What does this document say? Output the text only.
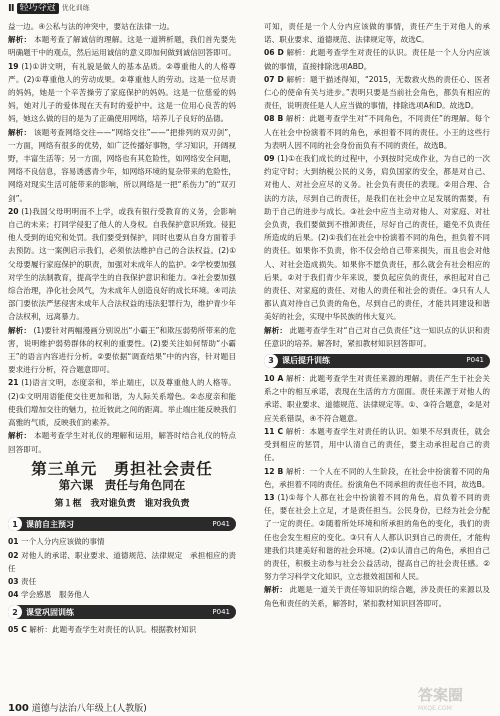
Ⅱ 轻巧夺冠 优化训练

益一边。④公私与法的冲突中，要站在法律一边。

解析： 本题考查了解诚信的理解。这是一道辨析题，我们首先要先明确题干中的观点，然后运用诚信的意义即加何做到诚信回答即可。

19 (1)①讲文明，有礼貌是做人的基本品质。②尊重他人的人格尊严。(2)①尊重他人的劳动成果。②尊重他人的劳动。这是一位尽责的妈妈，她是一个辛苦操劳了家庭保护的妈妈。这是一位慈爱的妈妈，她对儿子的爱体现在天有时的爱护中。这是一位用心良苦的妈妈，她这么做的目的是为了正确使用网络，培养儿子良好的品德。

解析： 该题考查网络交往——“网络交往”——“把排列的双刃剑”，一方面，网络有很多的优势，如广泛传播好事物，学习知识，开阔视野，丰富生活等；另一方面，网络也有其危险性，如网络安全问题，网络不良信息，容易诱惑青少年，如网络环境的复杂带来的危险性，网络对现实生活可能带来的影响，所以网络是一把“系伤力”的“双刃剑”。

20 (1)我国父母明明而不上学，或我有银行受教育的义务，会影响自己的未来；打同学侵犯了他人的人身权。自我保护意识所致。侵犯他人受到的追究和处罚。我们要受到保护，同时也要从自身方面着手去预防。这一案例启示我们，必须依法维护自己的合法权益。(2)①父母要履行家庭保护的职责，加强对未成年人的监护。②学校要加强对学生的法制教育，提高学生的自我保护意识和能力。③社会要加强综合治理，净化社会风气，为未成年人创造良好的成长环境。④司法部门要依法严惩侵害未成年人合法权益的违法犯罪行为，维护青少年合法权利，远离暴力。

解析： (1)要针对两幅漫画分别说出“小霸王”和欺压弱势所带来的危害，说明维护弱势群体的权利的重要性。(2)要关注如何帮助“小霸王”的语言内容进行分析。②要依据“调查结果”中的内容，针对题目要求进行分析，符合题意即可。

21 (1)语言文明，态度亲和，举止端庄，以及尊重他人的人格等。(2)①文明用语能使交往更加和谐，为人际关系增色。②态度亲和能使我们增加交往的魅力，拉近彼此之间的距离。举止端庄能反映我们高雅的气质，反映我们的素养。

解析： 本题考查学生对礼仪的理解和运用，解答时结合礼仪的特点回答即可。

第三单元　勇担社会责任
第六课　责任与角色同在
第１框　我对谁负责　谁对我负责
1	课前自主预习	P041

01 一个人分内应该做的事情

02 对他人的承诺、职业要求、道德规范、法律规定　承担相应的责任

03 责任

04 学会感恩　服务他人

2	课堂巩固训练	P041

05 C 解析：此题考查学生对责任的认识。根据教材知识

可知，责任是一个人分内应该做的事情，责任产生于对他人的承诺、职业要求、道德规范、法律规定等，故选C。

06 D 解析：此题考查学生对责任的认识。责任是一个人分内应该做的事情，直接排除选项ABD。

07 D 解析：题干描述得知，“2015，无数救火热的责任心、医者仁心的使命有关与进步。”表明只要是当前社会角色，都负有相应的责任，说明责任是人人应当做的事情，排除选项A和D。故选D。

08 B 解析：此题考查学生对“不同角色，不同责任”的理解。每个人在社会中扮演着不同的角色，承担着不同的责任。小王的这些行为表明人因不同的社会身份而负有不同的责任，故选B。

09 (1)①在我们成长的过程中，小到按时完成作业，为自己的一次约定守时；大到纳税公民的义务，肩负国家的安全，都是对自己、对他人、对社会应尽的义务。社会负有责任的表现。②用合理、合法的方法，尽到自己的责任，是我们在社会中立足发展的需要，有助于自己的进步与成长。③社会中应当主动对他人、对家庭、对社会负责，我们要做到不推卸责任，尽好自己的责任，避免不负责任所造成的后果。(2)①我们在社会中扮演着不同的角色，担负着不同的责任。如果你不负责，你不仅会给自己带来损失，而且也会对他人、对社会造成损失。如果你不愿负责任，那么就会有社会相应的后果。②对于我们青少年来说，要负起应负的责任，承担起对自己的责任、对家庭的责任、对他人的责任和社会的责任。③只有人人都认真对待自己负责的角色，尽到自己的责任，才能共同建设和谐美好的社会，实现中华民族的伟大复兴。

解析： 此题考查学生对“自己对自己负责任”这一知识点的认识和责任意识的培养。解答时，紧扣教材知识回答即可。

3	课后提升训练	P041

10 A 解析：此题考查学生对责任来源的理解。责任产生于社会关系之中的相互承诺，表现在生活的方方面面。责任来源于对他人的承诺、职业要求、道德规范、法律规定等。①、③符合题意，②是对应关系错误，④不符合题意。

11 C 解析：本题考查学生对责任的认识。如果不尽到责任，就会受到相应的惩罚，用中认清自己的责任，要主动承担起自己的责任。

12 B 解析：一个人在不同的人生阶段，在社会中扮演着不同的角色，承担着不同的责任。扮演角色不同承担的责任也不同，故选B。

13 (1)①每个人都在社会中扮演着不同的角色，肩负着不同的责任，要在社会上立足，才是责任担当。公民身份，已经为社会分配了一定的责任。②随着所处环境和所承担的角色的变化，我们的责任也会发生相应的变化。③只有人人都认识到自己的责任，才能构建我们共建美好和谐的社会环境。(2)①认清自己的角色，承担自己的责任，积极主动参与社会公益活动，提高自己的社会责任感。②努力学习科学文化知识，立志报效祖国和人民。

解析： 此题是一道关于责任等知识的综合题，涉及责任的来源以及角色和责任的关系，解答时，紧扣教材知识回答即可。

100 道德与法治八年级上(人教版)
答案圈
MXQE.COM
